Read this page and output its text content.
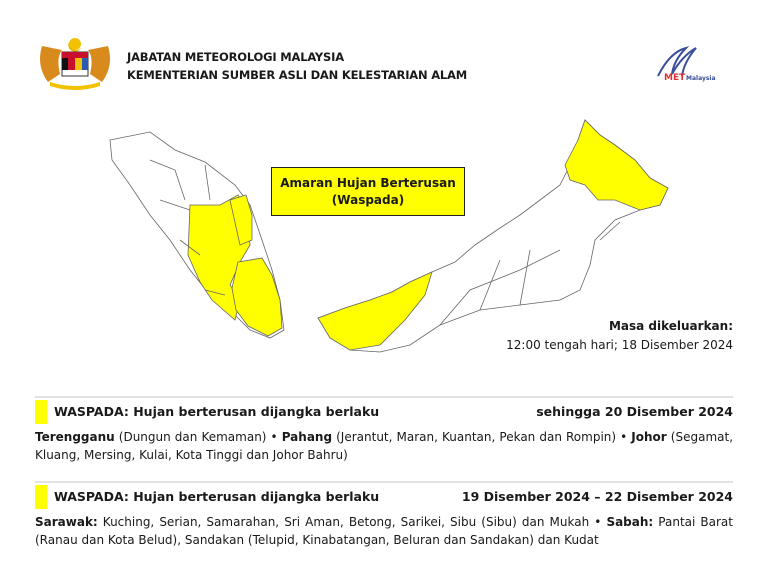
JABATAN METEOROLOGI MALAYSIA
KEMENTERIAN SUMBER ASLI DAN KELESTARIAN ALAM	MET Malaysia
Amaran Hujan Berterusan
(Waspada)
Masa dikeluarkan:
12:00 tengah hari; 18 Disember 2024
WASPADA: Hujan berterusan dijangka berlaku	sehingga 20 Disember 2024
Terengganu (Dungun dan Kemaman) • Pahang (Jerantut, Maran, Kuantan, Pekan dan Rompin) • Johor (Segamat, Kluang, Mersing, Kulai, Kota Tinggi dan Johor Bahru)
WASPADA: Hujan berterusan dijangka berlaku	19 Disember 2024 – 22 Disember 2024
Sarawak: Kuching, Serian, Samarahan, Sri Aman, Betong, Sarikei, Sibu (Sibu) dan Mukah • Sabah: Pantai Barat (Ranau dan Kota Belud), Sandakan (Telupid, Kinabatangan, Beluran dan Sandakan) dan Kudat
